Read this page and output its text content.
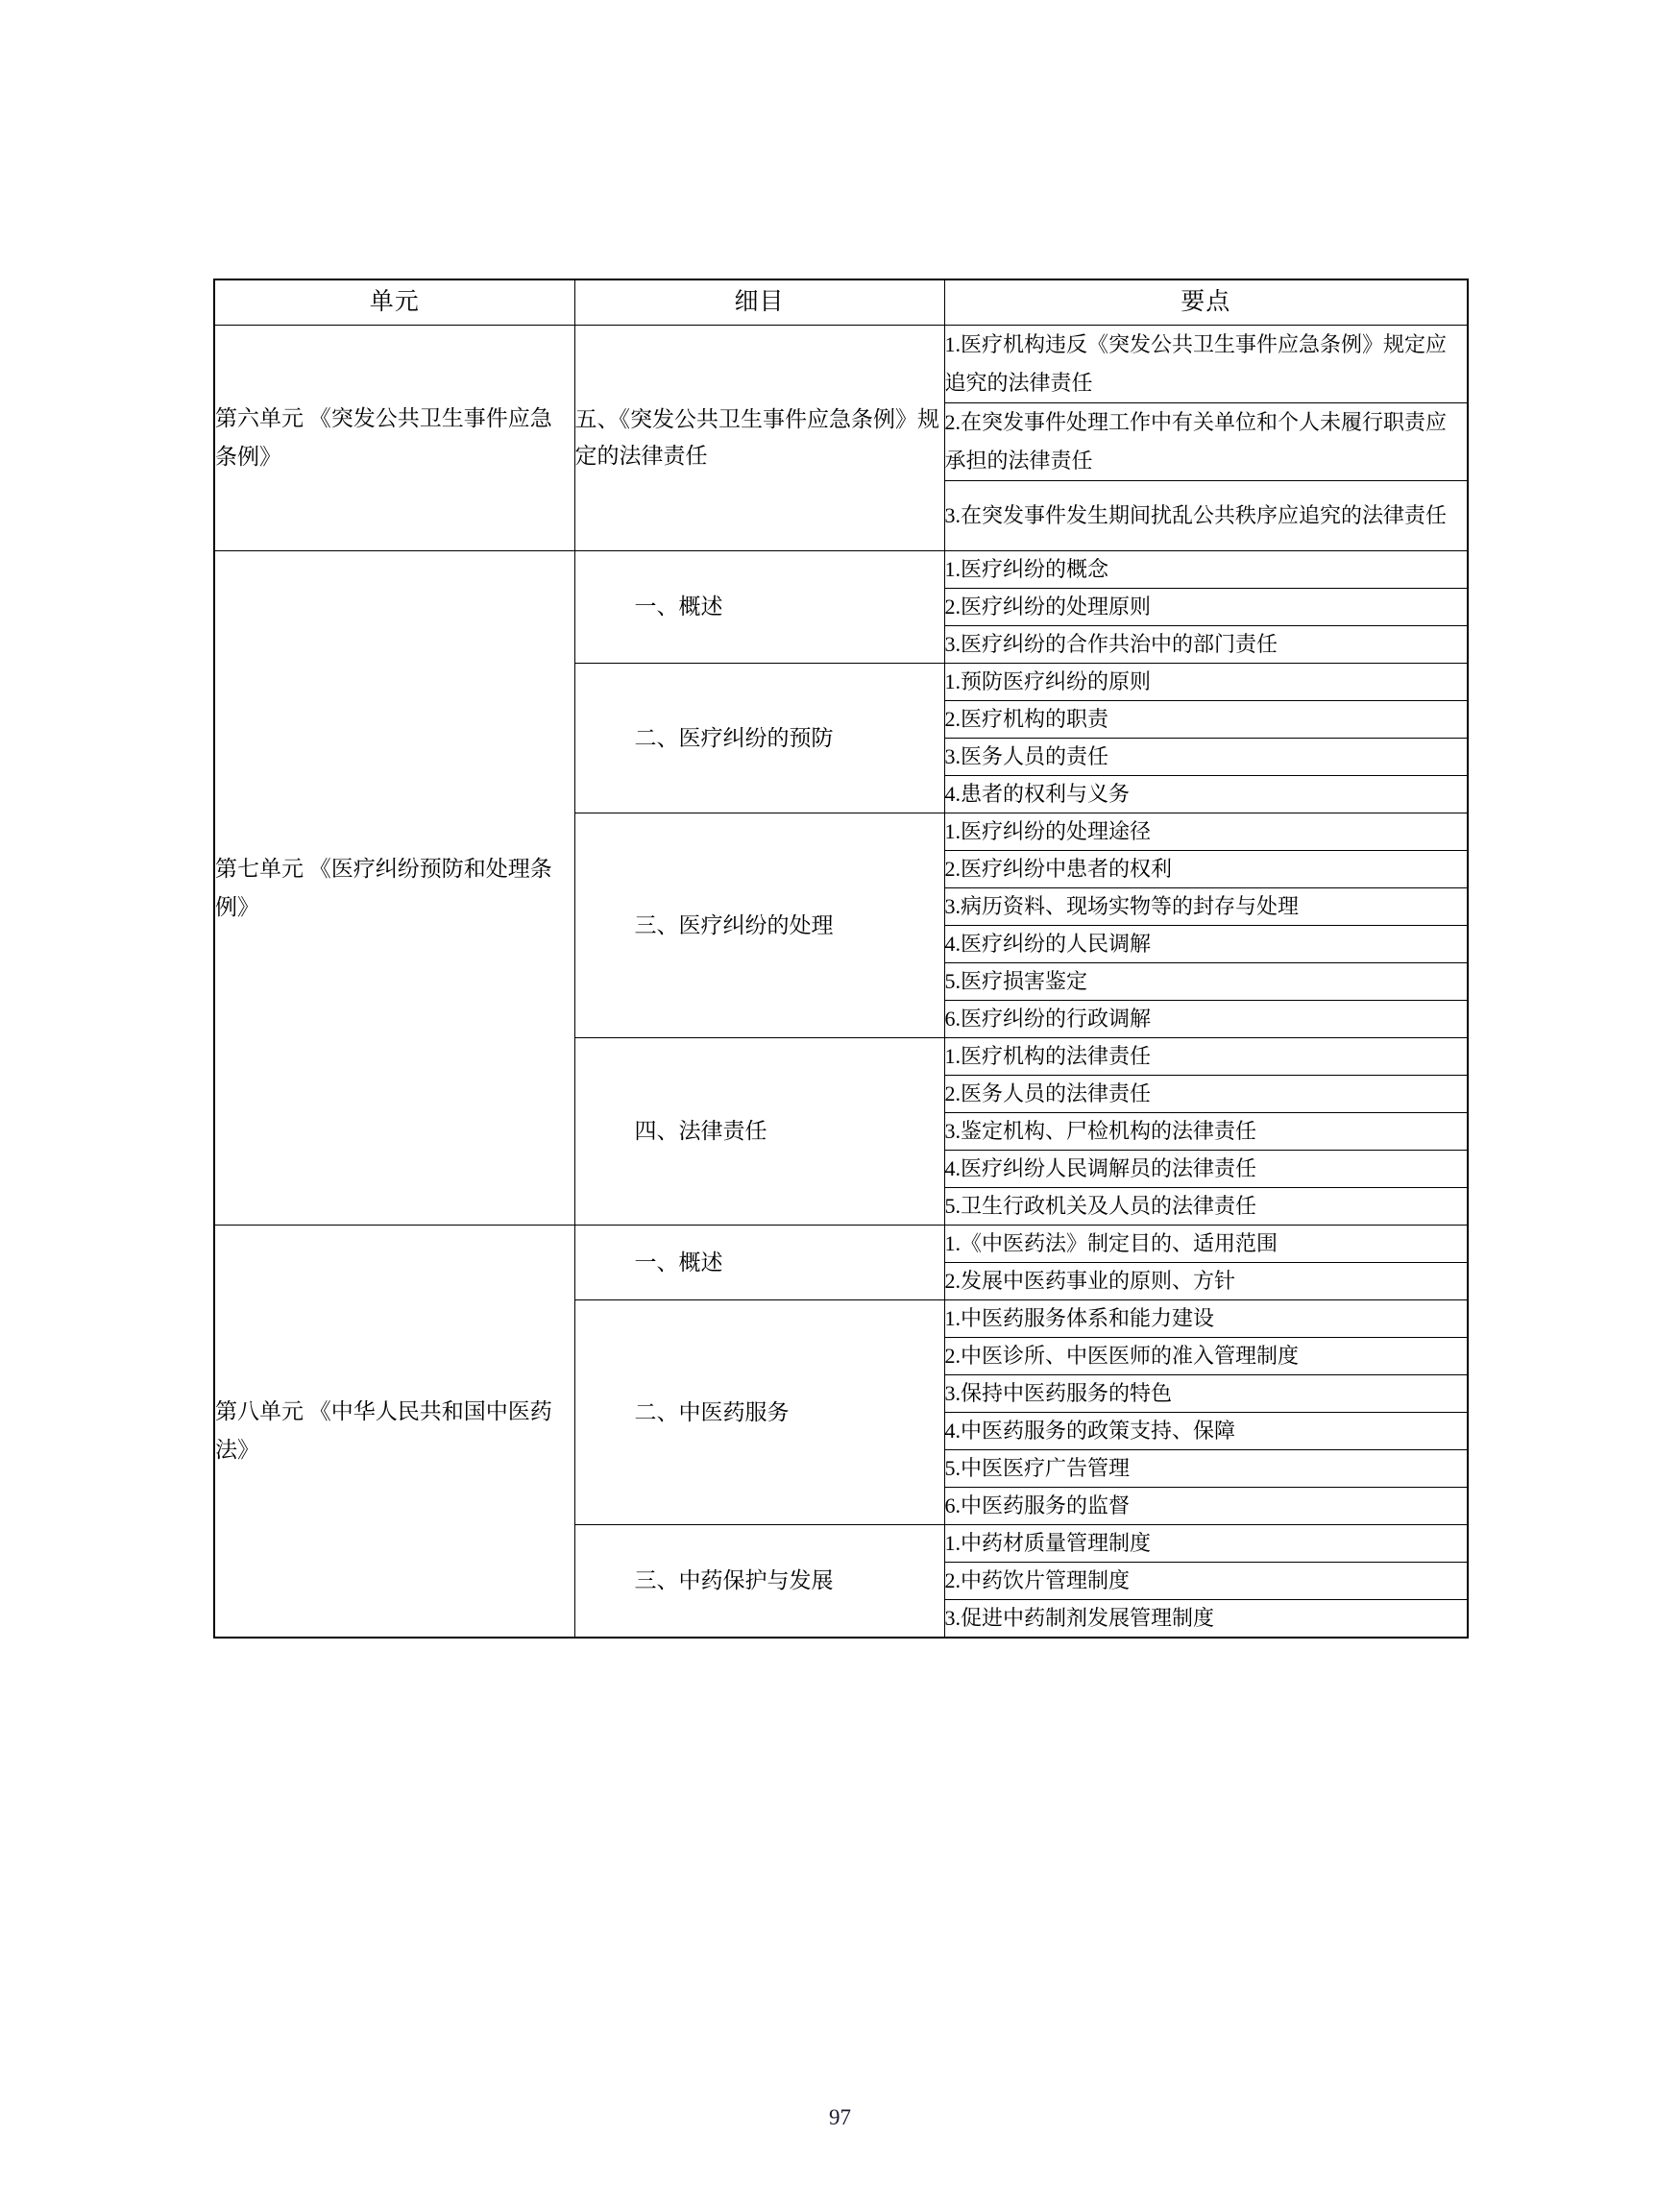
单元	细目	要点
第六单元 《突发公共卫生事件应急条例》	五、《突发公共卫生事件应急条例》规定的法律责任	1.医疗机构违反《突发公共卫生事件应急条例》规定应追究的法律责任
		2.在突发事件处理工作中有关单位和个人未履行职责应承担的法律责任
		3.在突发事件发生期间扰乱公共秩序应追究的法律责任
第七单元 《医疗纠纷预防和处理条例》	一、概述	1.医疗纠纷的概念
		2.医疗纠纷的处理原则
		3.医疗纠纷的合作共治中的部门责任
	二、医疗纠纷的预防	1.预防医疗纠纷的原则
		2.医疗机构的职责
		3.医务人员的责任
		4.患者的权利与义务
	三、医疗纠纷的处理	1.医疗纠纷的处理途径
		2.医疗纠纷中患者的权利
		3.病历资料、现场实物等的封存与处理
		4.医疗纠纷的人民调解
		5.医疗损害鉴定
		6.医疗纠纷的行政调解
	四、法律责任	1.医疗机构的法律责任
		2.医务人员的法律责任
		3.鉴定机构、尸检机构的法律责任
		4.医疗纠纷人民调解员的法律责任
		5.卫生行政机关及人员的法律责任
第八单元 《中华人民共和国中医药法》	一、概述	1.《中医药法》制定目的、适用范围
		2.发展中医药事业的原则、方针
	二、中医药服务	1.中医药服务体系和能力建设
		2.中医诊所、中医医师的准入管理制度
		3.保持中医药服务的特色
		4.中医药服务的政策支持、保障
		5.中医医疗广告管理
		6.中医药服务的监督
	三、中药保护与发展	1.中药材质量管理制度
		2.中药饮片管理制度
		3.促进中药制剂发展管理制度
97
